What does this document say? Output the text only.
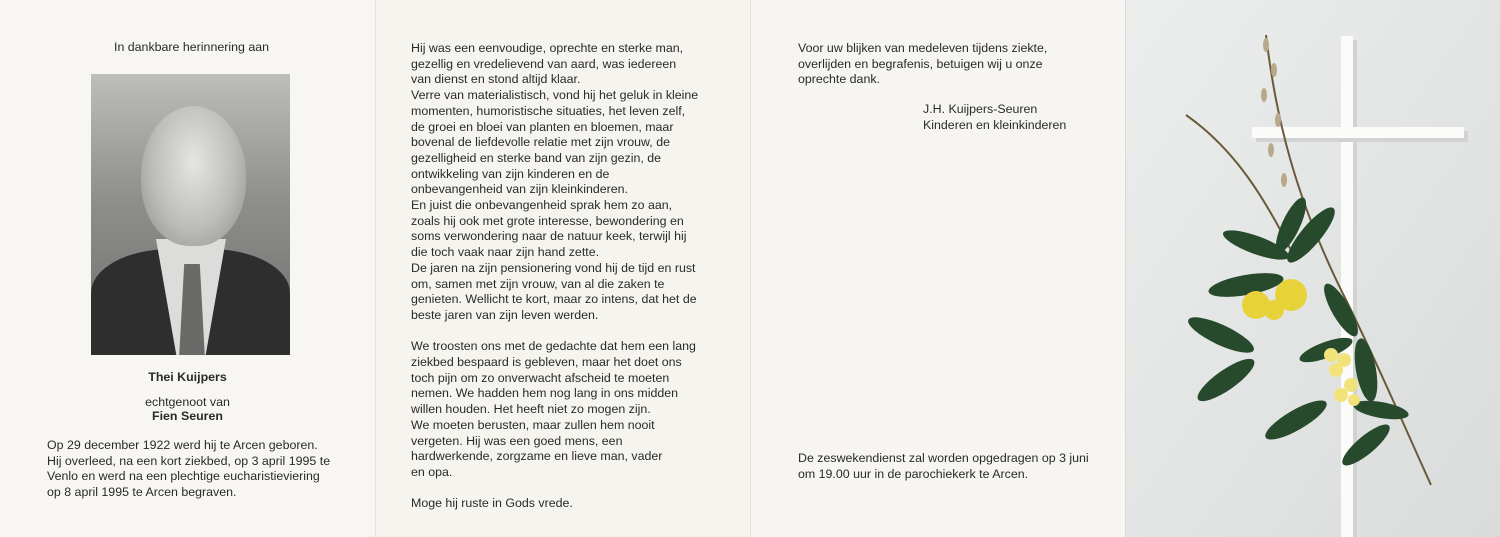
In dankbare herinnering aan
Thei Kuijpers
echtgenoot van
Fien Seuren

Op 29 december 1922 werd hij te Arcen geboren.
Hij overleed, na een kort ziekbed, op 3 april 1995 te
Venlo en werd na een plechtige eucharistieviering
op 8 april 1995 te Arcen begraven.

Hij was een eenvoudige, oprechte en sterke man,
gezellig en vredelievend van aard, was iedereen
van dienst en stond altijd klaar.
Verre van materialistisch, vond hij het geluk in kleine
momenten, humoristische situaties, het leven zelf,
de groei en bloei van planten en bloemen, maar
bovenal de liefdevolle relatie met zijn vrouw, de
gezelligheid en sterke band van zijn gezin, de
ontwikkeling van zijn kinderen en de
onbevangenheid van zijn kleinkinderen.
En juist die onbevangenheid sprak hem zo aan,
zoals hij ook met grote interesse, bewondering en
soms verwondering naar de natuur keek, terwijl hij
die toch vaak naar zijn hand zette.
De jaren na zijn pensionering vond hij de tijd en rust
om, samen met zijn vrouw, van al die zaken te
genieten. Wellicht te kort, maar zo intens, dat het de
beste jaren van zijn leven werden.

We troosten ons met de gedachte dat hem een lang
ziekbed bespaard is gebleven, maar het doet ons
toch pijn om zo onverwacht afscheid te moeten
nemen. We hadden hem nog lang in ons midden
willen houden. Het heeft niet zo mogen zijn.
We moeten berusten, maar zullen hem nooit
vergeten. Hij was een goed mens, een
hardwerkende, zorgzame en lieve man, vader
en opa.

Moge hij ruste in Gods vrede.

Voor uw blijken van medeleven tijdens ziekte,
overlijden en begrafenis, betuigen wij u onze
oprechte dank.

J.H. Kuijpers-Seuren
Kinderen en kleinkinderen

De zeswekendienst zal worden opgedragen op 3 juni
om 19.00 uur in de parochiekerk te Arcen.
